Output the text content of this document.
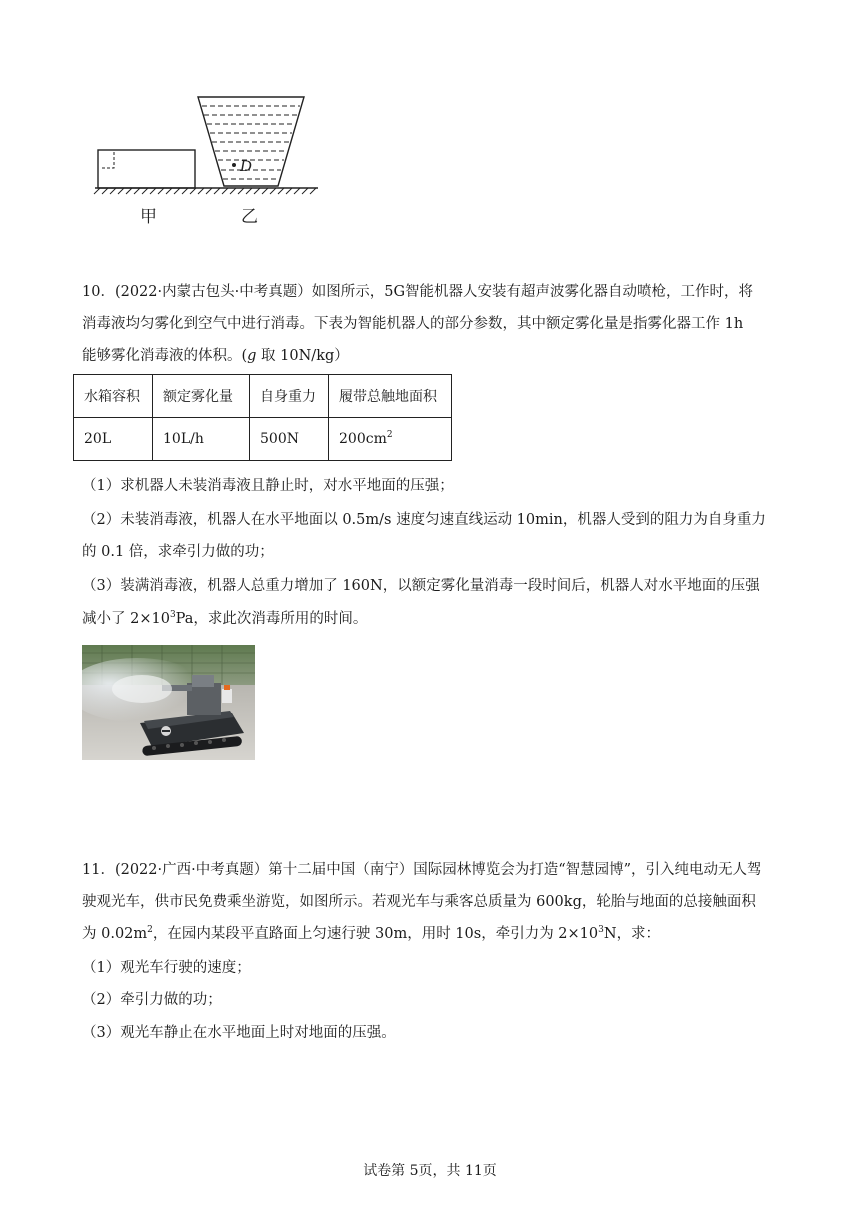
D
甲	乙
10．(2022·内蒙古包头·中考真题）如图所示，5G智能机器人安装有超声波雾化器自动喷枪，工作时，将
消毒液均匀雾化到空气中进行消毒。下表为智能机器人的部分参数，其中额定雾化量是指雾化器工作 1h
能够雾化消毒液的体积。(g 取 10N/kg）
水箱容积	额定雾化量	自身重力	履带总触地面积
20L	10L/h	500N	$200cm^2$
（1）求机器人未装消毒液且静止时，对水平地面的压强；
（2）未装消毒液，机器人在水平地面以 0.5m/s 速度匀速直线运动 10min，机器人受到的阻力为自身重力
的 0.1 倍，求牵引力做的功；
（3）装满消毒液，机器人总重力增加了 160N，以额定雾化量消毒一段时间后，机器人对水平地面的压强
减小了 $2\times 10^3Pa$，求此次消毒所用的时间。
11．(2022·广西·中考真题）第十二届中国（南宁）国际园林博览会为打造“智慧园博”，引入纯电动无人驾
驶观光车，供市民免费乘坐游览，如图所示。若观光车与乘客总质量为 600kg，轮胎与地面的总接触面积
为 $0.02m^2$，在园内某段平直路面上匀速行驶 30m，用时 10s，牵引力为 $2\times 10^3N$，求：
（1）观光车行驶的速度；
（2）牵引力做的功；
（3）观光车静止在水平地面上时对地面的压强。
试卷第 5页，共 11页
